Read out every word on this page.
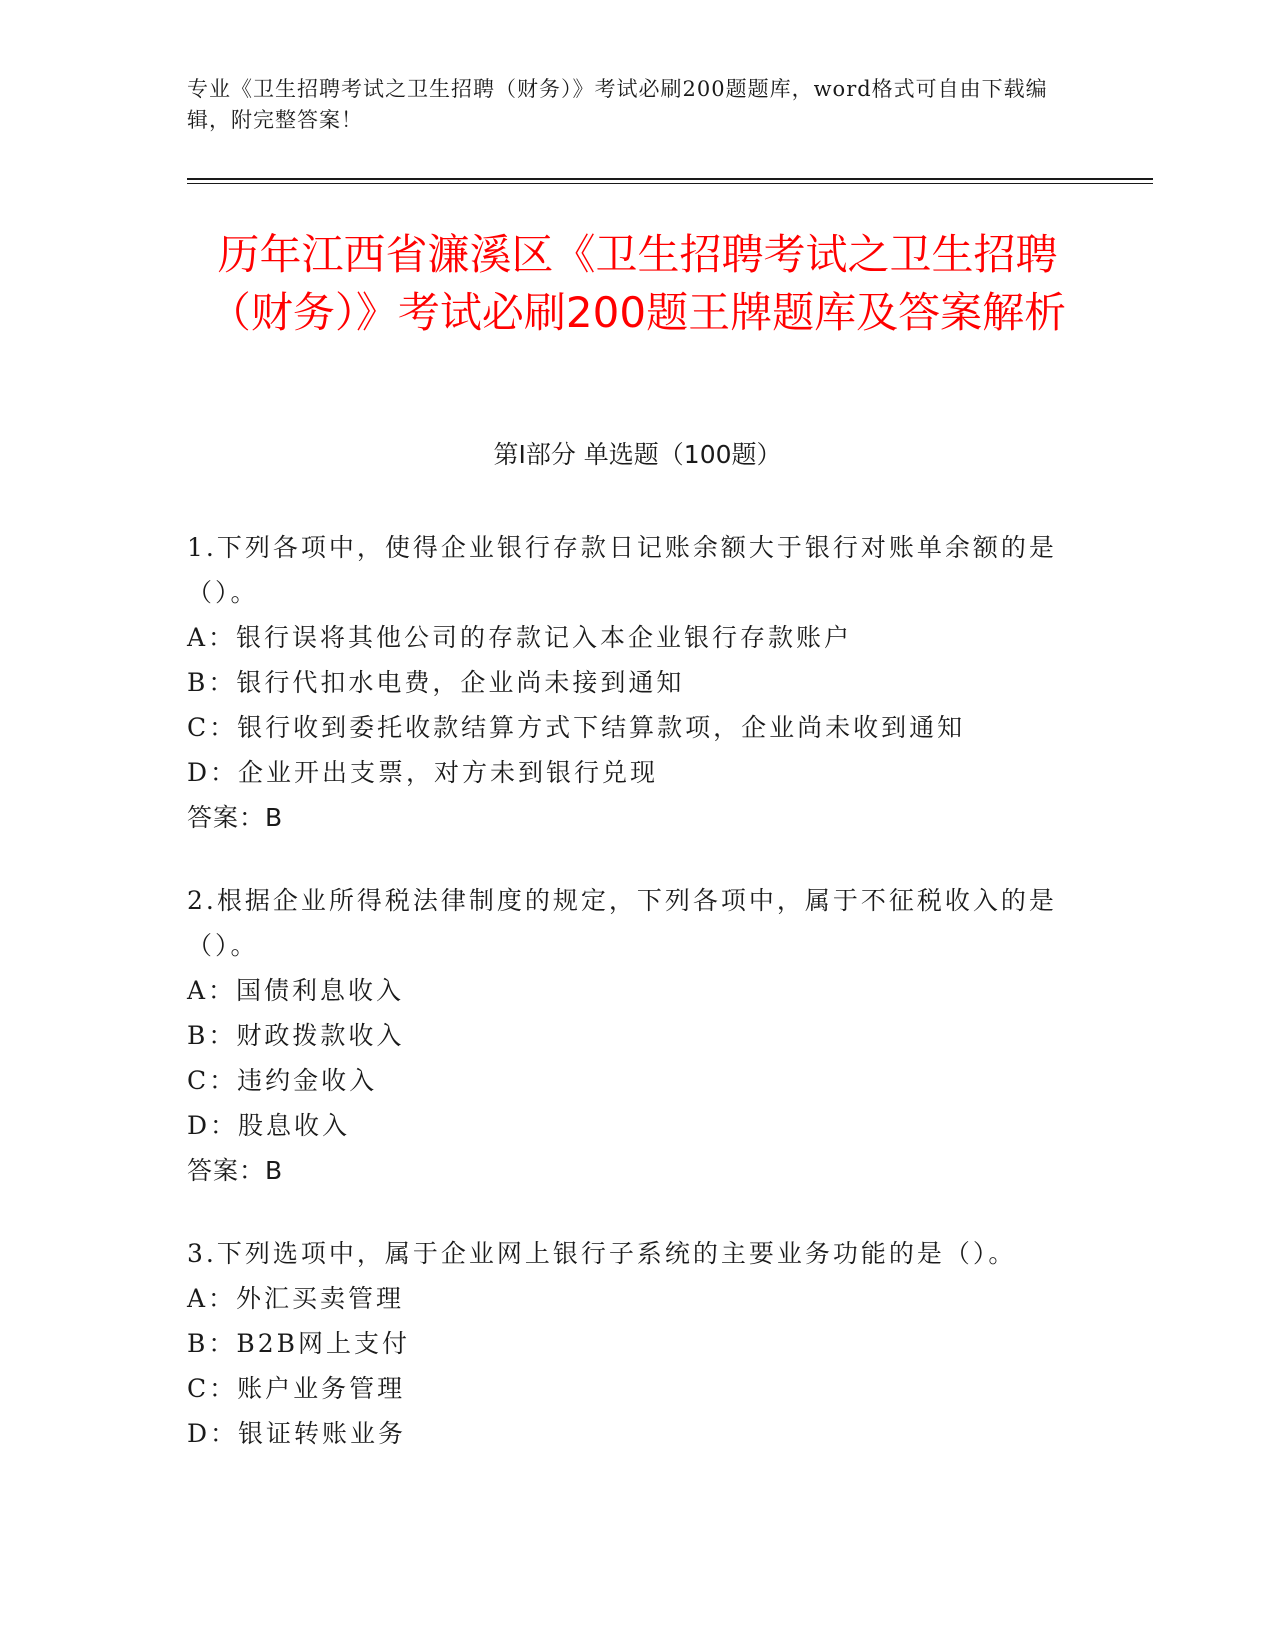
专业《卫生招聘考试之卫生招聘（财务）》考试必刷200题题库，word格式可自由下载编辑，附完整答案！
历年江西省濂溪区《卫生招聘考试之卫生招聘（财务）》考试必刷200题王牌题库及答案解析
第Ⅰ部分 单选题（100题）
1.下列各项中，使得企业银行存款日记账余额大于银行对账单余额的是（）。
A：银行误将其他公司的存款记入本企业银行存款账户
B：银行代扣水电费，企业尚未接到通知
C：银行收到委托收款结算方式下结算款项，企业尚未收到通知
D：企业开出支票，对方未到银行兑现
答案：B
2.根据企业所得税法律制度的规定，下列各项中，属于不征税收入的是（）。
A：国债利息收入
B：财政拨款收入
C：违约金收入
D：股息收入
答案：B
3.下列选项中，属于企业网上银行子系统的主要业务功能的是（）。
A：外汇买卖管理
B：B2B网上支付
C：账户业务管理
D：银证转账业务
